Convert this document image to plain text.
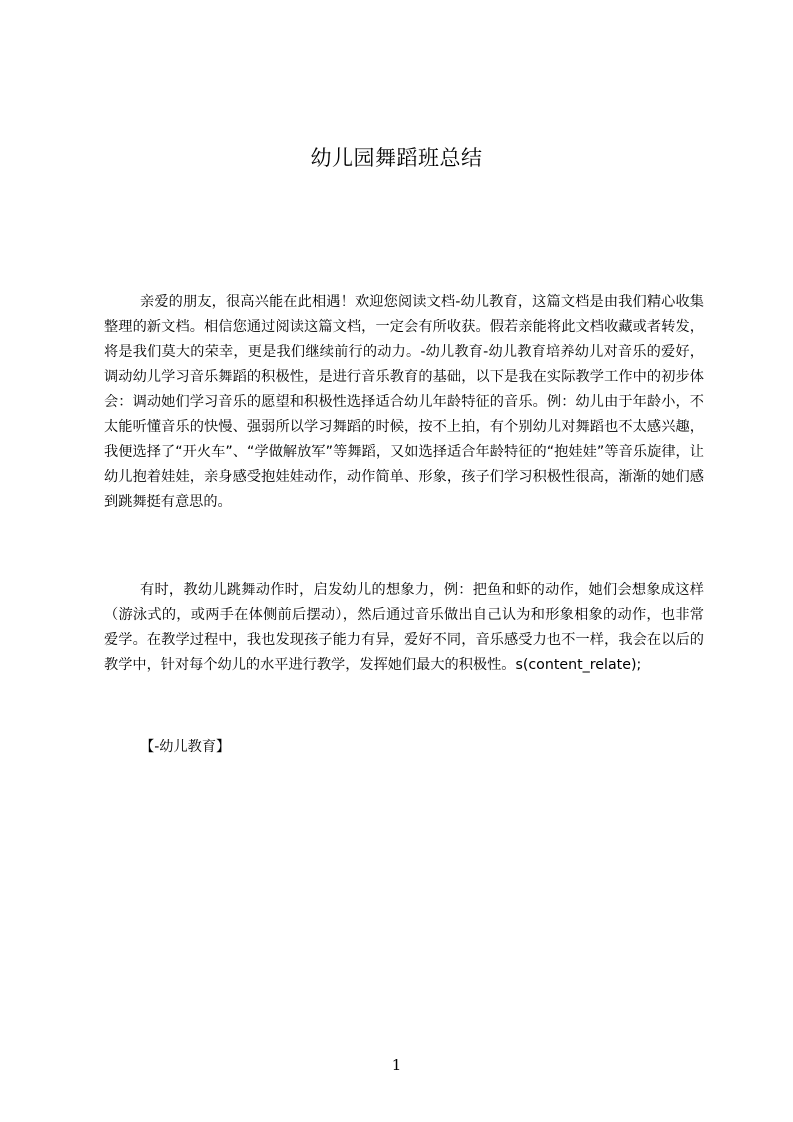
幼儿园舞蹈班总结

亲爱的朋友，很高兴能在此相遇！欢迎您阅读文档-幼儿教育，这篇文档是由我们精心收集整理的新文档。相信您通过阅读这篇文档，一定会有所收获。假若亲能将此文档收藏或者转发，将是我们莫大的荣幸，更是我们继续前行的动力。-幼儿教育-幼儿教育培养幼儿对音乐的爱好，调动幼儿学习音乐舞蹈的积极性，是进行音乐教育的基础，以下是我在实际教学工作中的初步体会：调动她们学习音乐的愿望和积极性选择适合幼儿年龄特征的音乐。例：幼儿由于年龄小，不太能听懂音乐的快慢、强弱所以学习舞蹈的时候，按不上拍，有个别幼儿对舞蹈也不太感兴趣，我便选择了“开火车”、“学做解放军”等舞蹈，又如选择适合年龄特征的“抱娃娃”等音乐旋律，让幼儿抱着娃娃，亲身感受抱娃娃动作，动作简单、形象，孩子们学习积极性很高，渐渐的她们感到跳舞挺有意思的。

有时，教幼儿跳舞动作时，启发幼儿的想象力，例：把鱼和虾的动作，她们会想象成这样（游泳式的，或两手在体侧前后摆动），然后通过音乐做出自己认为和形象相象的动作，也非常爱学。在教学过程中，我也发现孩子能力有异，爱好不同，音乐感受力也不一样，我会在以后的教学中，针对每个幼儿的水平进行教学，发挥她们最大的积极性。s(content_relate);

【-幼儿教育】

1
